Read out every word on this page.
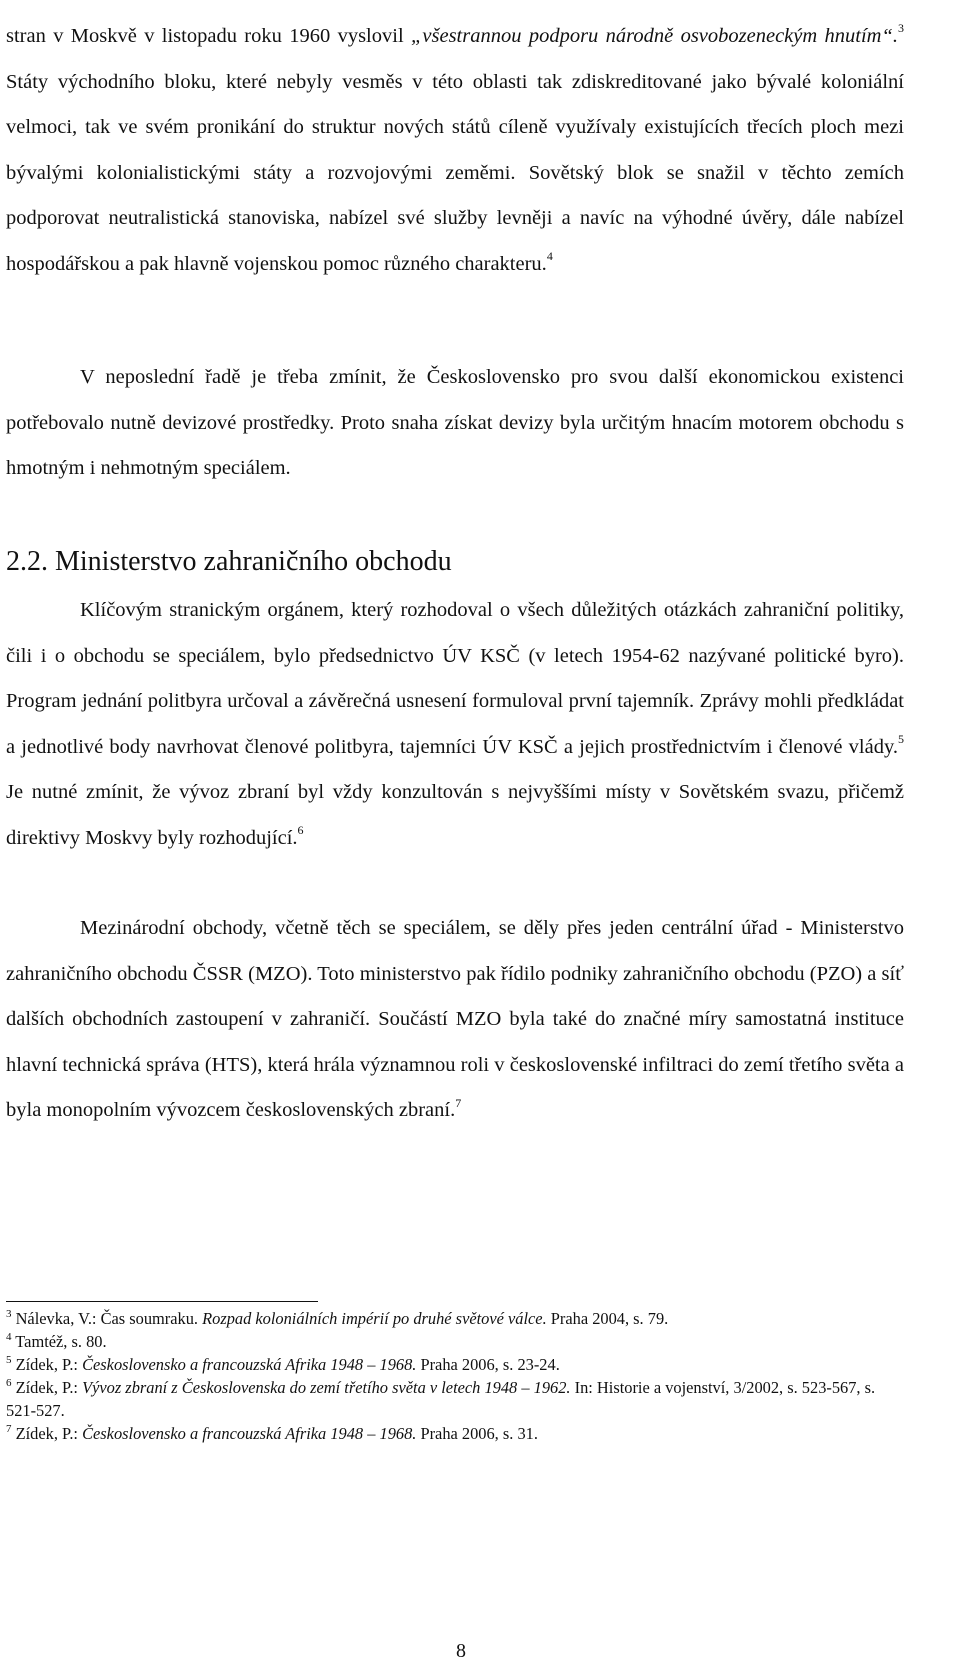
stran v Moskvě v listopadu roku 1960 vyslovil „všestrannou podporu národně osvobozeneckým hnutím“.$^3$ Státy východního bloku, které nebyly vesměs v této oblasti tak zdiskreditované jako bývalé koloniální velmoci, tak ve svém pronikání do struktur nových států cíleně využívaly existujících třecích ploch mezi bývalými kolonialistickými státy a rozvojovými zeměmi. Sovětský blok se snažil v těchto zemích podporovat neutralistická stanoviska, nabízel své služby levněji a navíc na výhodné úvěry, dále nabízel hospodářskou a pak hlavně vojenskou pomoc různého charakteru.$^4$

V neposlední řadě je třeba zmínit, že Československo pro svou další ekonomickou existenci potřebovalo nutně devizové prostředky. Proto snaha získat devizy byla určitým hnacím motorem obchodu s hmotným i nehmotným speciálem.

2.2. Ministerstvo zahraničního obchodu

Klíčovým stranickým orgánem, který rozhodoval o všech důležitých otázkách zahraniční politiky, čili i o obchodu se speciálem, bylo předsednictvo ÚV KSČ (v letech 1954-62 nazývané politické byro). Program jednání politbyra určoval a závěrečná usnesení formuloval první tajemník. Zprávy mohli předkládat a jednotlivé body navrhovat členové politbyra, tajemníci ÚV KSČ a jejich prostřednictvím i členové vlády.$^5$ Je nutné zmínit, že vývoz zbraní byl vždy konzultován s nejvyššími místy v Sovětském svazu, přičemž direktivy Moskvy byly rozhodující.$^6$

Mezinárodní obchody, včetně těch se speciálem, se děly přes jeden centrální úřad - Ministerstvo zahraničního obchodu ČSSR (MZO). Toto ministerstvo pak řídilo podniky zahraničního obchodu (PZO) a síť dalších obchodních zastoupení v zahraničí. Součástí MZO byla také do značné míry samostatná instituce hlavní technická správa (HTS), která hrála významnou roli v československé infiltraci do zemí třetího světa a byla monopolním vývozcem československých zbraní.$^7$

$^3$ Nálevka, V.: Čas soumraku. Rozpad koloniálních impérií po druhé světové válce. Praha 2004, s. 79.

$^4$ Tamtéž, s. 80.

$^5$ Zídek, P.: Československo a francouzská Afrika 1948 – 1968. Praha 2006, s. 23-24.

$^6$ Zídek, P.: Vývoz zbraní z Československa do zemí třetího světa v letech 1948 – 1962. In: Historie a vojenství, 3/2002, s. 523-567, s. 521-527.

$^7$ Zídek, P.: Československo a francouzská Afrika 1948 – 1968. Praha 2006, s. 31.

8
